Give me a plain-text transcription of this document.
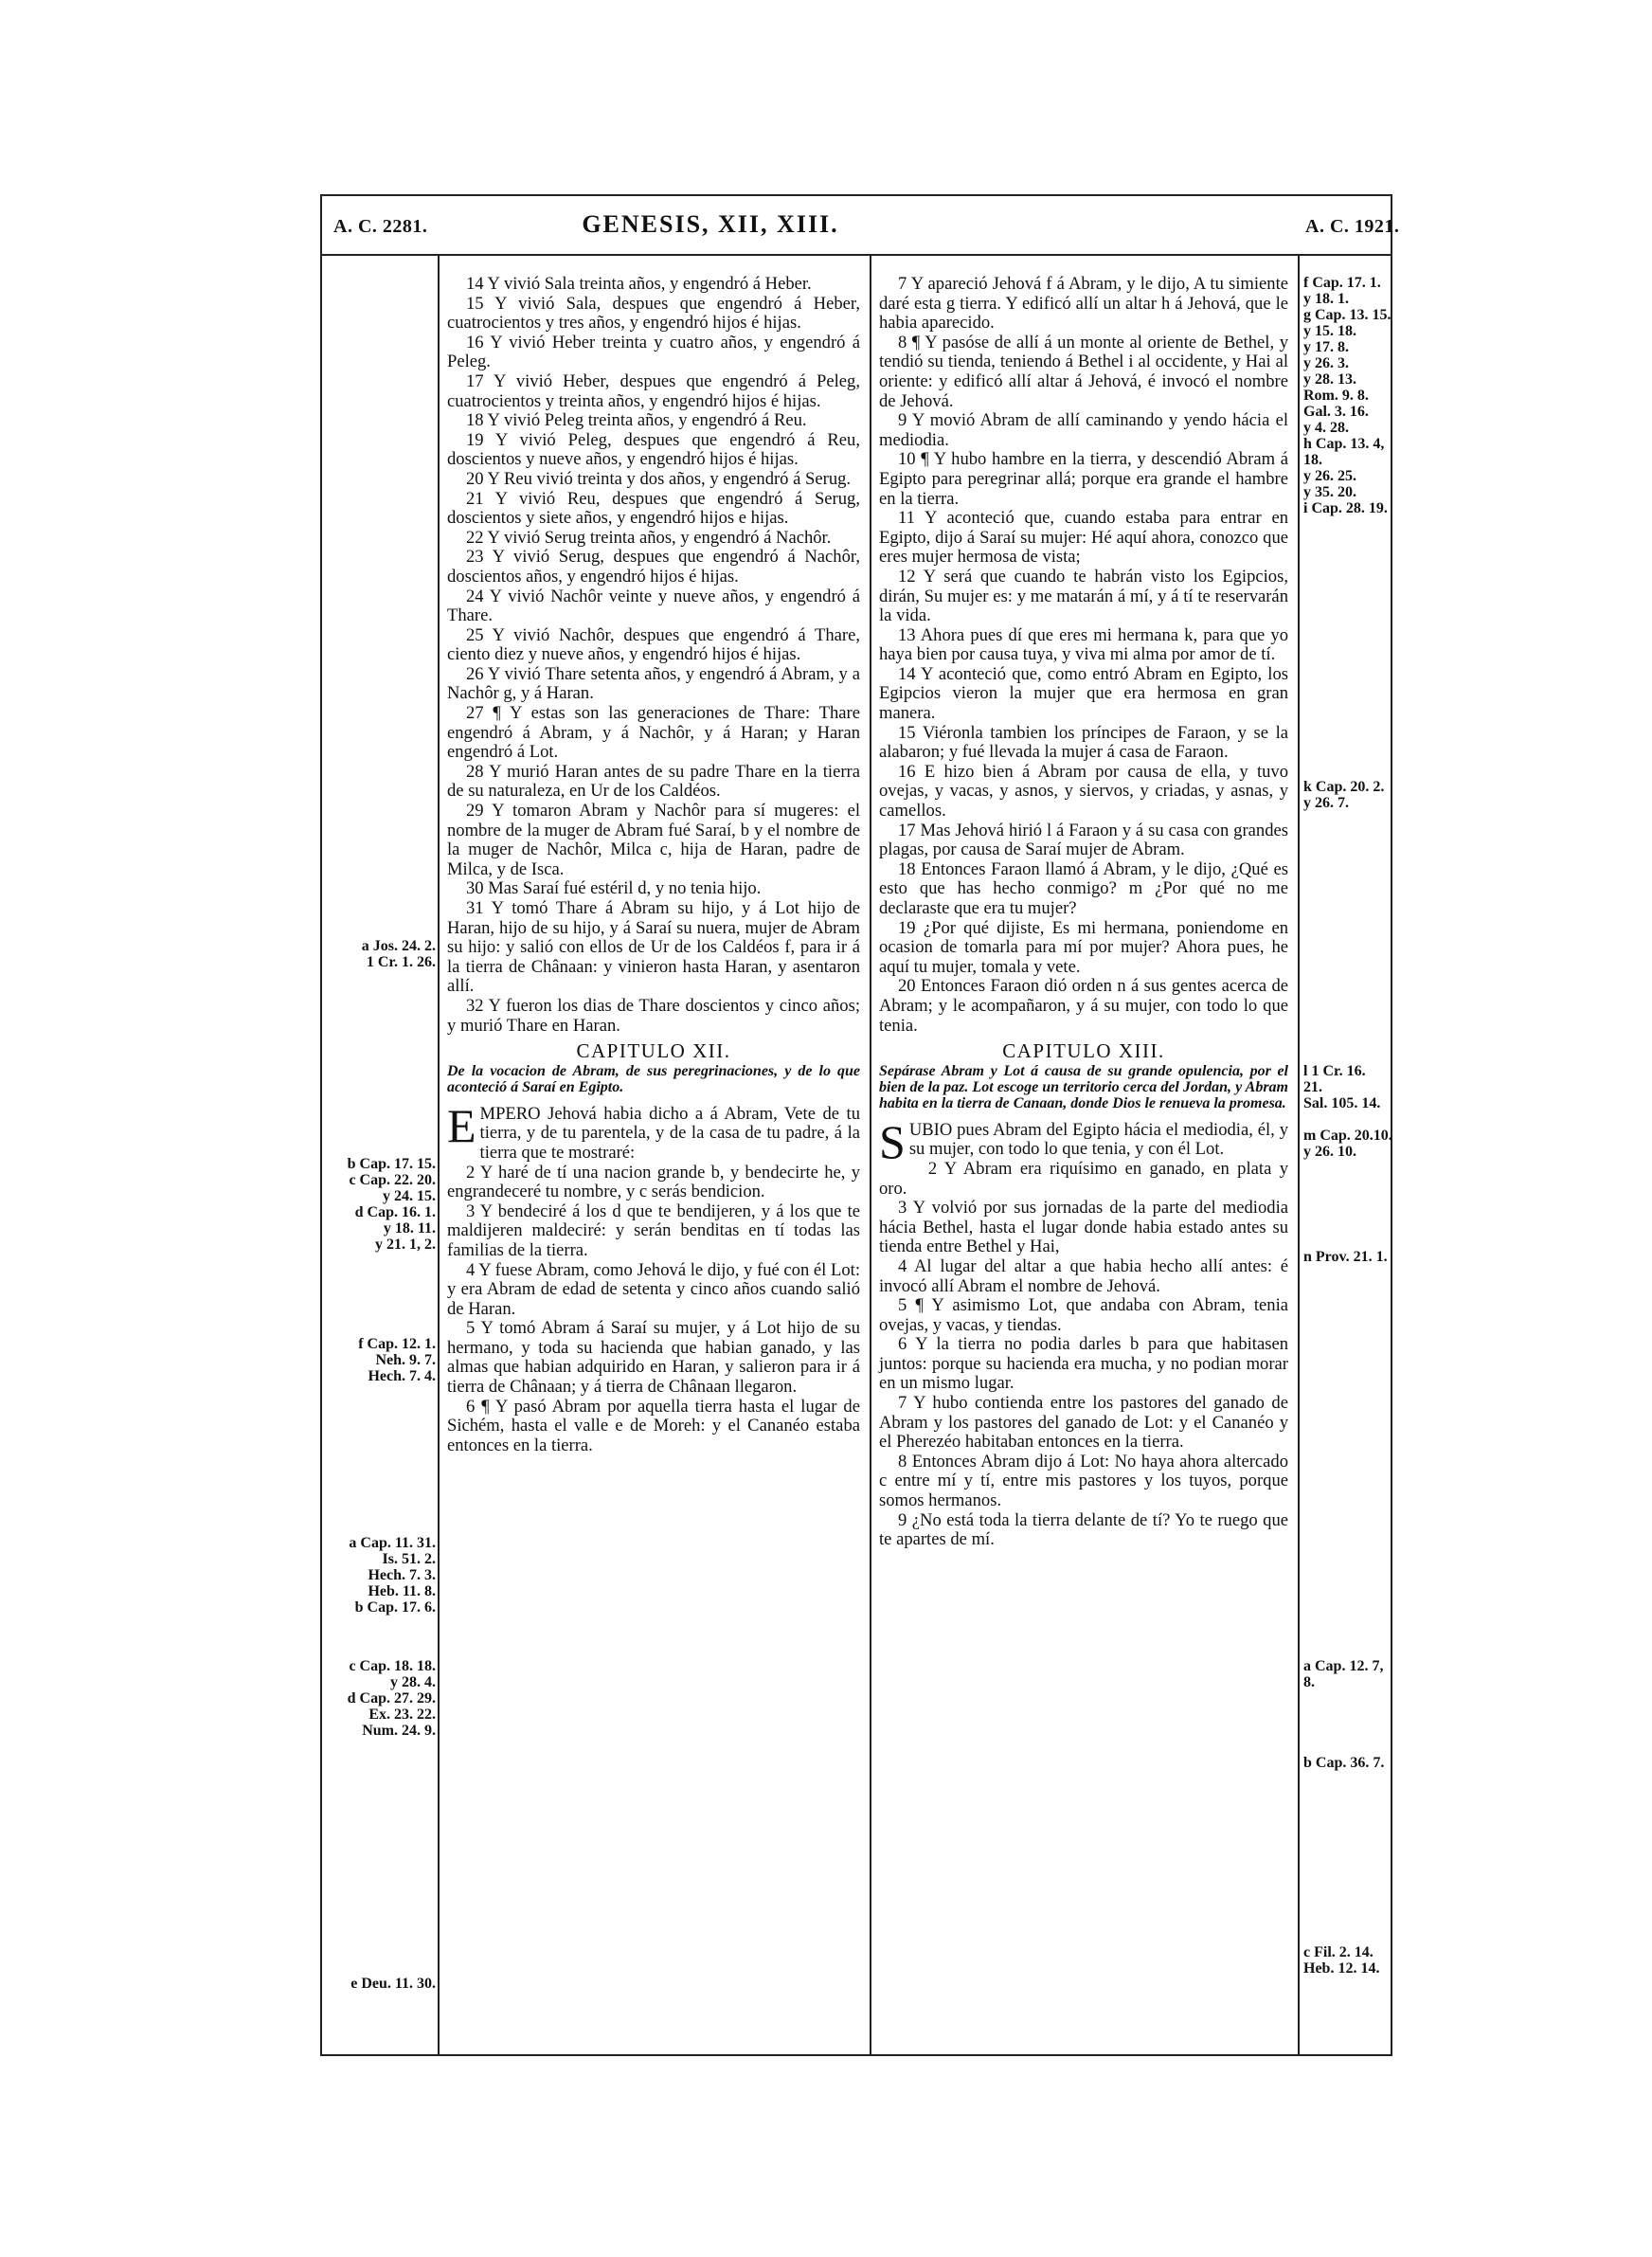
A. C. 2281.	GENESIS, XII, XIII.	A. C. 1921.
a Jos. 24. 2.
1 Cr. 1. 26.
b Cap. 17. 15.
c Cap. 22. 20.
y 24. 15.
d Cap. 16. 1.
y 18. 11.
y 21. 1, 2.
f Cap. 12. 1.
Neh. 9. 7.
Hech. 7. 4.
a Cap. 11. 31.
Is. 51. 2.
Hech. 7. 3.
Heb. 11. 8.
b Cap. 17. 6.
c Cap. 18. 18.
y 28. 4.
d Cap. 27. 29.
Ex. 23. 22.
Num. 24. 9.
e Deu. 11. 30.

14 Y vivió Sala treinta años, y engendró á Heber.

15 Y vivió Sala, despues que engendró á Heber, cuatrocientos y tres años, y engendró hijos é hijas.

16 Y vivió Heber treinta y cuatro años, y engendró á Peleg.

17 Y vivió Heber, despues que engendró á Peleg, cuatrocientos y treinta años, y engendró hijos é hijas.

18 Y vivió Peleg treinta años, y engendró á Reu.

19 Y vivió Peleg, despues que engendró á Reu, doscientos y nueve años, y engendró hijos é hijas.

20 Y Reu vivió treinta y dos años, y engendró á Serug.

21 Y vivió Reu, despues que engendró á Serug, doscientos y siete años, y engendró hijos e hijas.

22 Y vivió Serug treinta años, y engendró á Nachôr.

23 Y vivió Serug, despues que engendró á Nachôr, doscientos años, y engendró hijos é hijas.

24 Y vivió Nachôr veinte y nueve años, y engendró á Thare.

25 Y vivió Nachôr, despues que engendró á Thare, ciento diez y nueve años, y engendró hijos é hijas.

26 Y vivió Thare setenta años, y engendró á Abram, y a Nachôr g, y á Haran.

27 ¶ Y estas son las generaciones de Thare: Thare engendró á Abram, y á Nachôr, y á Haran; y Haran engendró á Lot.

28 Y murió Haran antes de su padre Thare en la tierra de su naturaleza, en Ur de los Caldéos.

29 Y tomaron Abram y Nachôr para sí mugeres: el nombre de la muger de Abram fué Saraí, b y el nombre de la muger de Nachôr, Milca c, hija de Haran, padre de Milca, y de Isca.

30 Mas Saraí fué estéril d, y no tenia hijo.

31 Y tomó Thare á Abram su hijo, y á Lot hijo de Haran, hijo de su hijo, y á Saraí su nuera, mujer de Abram su hijo: y salió con ellos de Ur de los Caldéos f, para ir á la tierra de Chânaan: y vinieron hasta Haran, y asentaron allí.

32 Y fueron los dias de Thare doscientos y cinco años; y murió Thare en Haran.

CAPITULO XII.

De la vocacion de Abram, de sus peregrinaciones, y de lo que aconteció á Saraí en Egipto.

EMPERO Jehová habia dicho a á Abram, Vete de tu tierra, y de tu parentela, y de la casa de tu padre, á la tierra que te mostraré:

2 Y haré de tí una nacion grande b, y bendecirte he, y engrandeceré tu nombre, y c serás bendicion.

3 Y bendeciré á los d que te bendijeren, y á los que te maldijeren maldeciré: y serán benditas en tí todas las familias de la tierra.

4 Y fuese Abram, como Jehová le dijo, y fué con él Lot: y era Abram de edad de setenta y cinco años cuando salió de Haran.

5 Y tomó Abram á Saraí su mujer, y á Lot hijo de su hermano, y toda su hacienda que habian ganado, y las almas que habian adquirido en Haran, y salieron para ir á tierra de Chânaan; y á tierra de Chânaan llegaron.

6 ¶ Y pasó Abram por aquella tierra hasta el lugar de Sichém, hasta el valle e de Moreh: y el Cananéo estaba entonces en la tierra.

7 Y apareció Jehová f á Abram, y le dijo, A tu simiente daré esta g tierra. Y edificó allí un altar h á Jehová, que le habia aparecido.

8 ¶ Y pasóse de allí á un monte al oriente de Bethel, y tendió su tienda, teniendo á Bethel i al occidente, y Hai al oriente: y edificó allí altar á Jehová, é invocó el nombre de Jehová.

9 Y movió Abram de allí caminando y yendo hácia el mediodia.

10 ¶ Y hubo hambre en la tierra, y descendió Abram á Egipto para peregrinar allá; porque era grande el hambre en la tierra.

11 Y aconteció que, cuando estaba para entrar en Egipto, dijo á Saraí su mujer: Hé aquí ahora, conozco que eres mujer hermosa de vista;

12 Y será que cuando te habrán visto los Egipcios, dirán, Su mujer es: y me matarán á mí, y á tí te reservarán la vida.

13 Ahora pues dí que eres mi hermana k, para que yo haya bien por causa tuya, y viva mi alma por amor de tí.

14 Y aconteció que, como entró Abram en Egipto, los Egipcios vieron la mujer que era hermosa en gran manera.

15 Viéronla tambien los príncipes de Faraon, y se la alabaron; y fué llevada la mujer á casa de Faraon.

16 E hizo bien á Abram por causa de ella, y tuvo ovejas, y vacas, y asnos, y siervos, y criadas, y asnas, y camellos.

17 Mas Jehová hirió l á Faraon y á su casa con grandes plagas, por causa de Saraí mujer de Abram.

18 Entonces Faraon llamó á Abram, y le dijo, ¿Qué es esto que has hecho conmigo? m ¿Por qué no me declaraste que era tu mujer?

19 ¿Por qué dijiste, Es mi hermana, poniendome en ocasion de tomarla para mí por mujer? Ahora pues, he aquí tu mujer, tomala y vete.

20 Entonces Faraon dió orden n á sus gentes acerca de Abram; y le acompañaron, y á su mujer, con todo lo que tenia.

CAPITULO XIII.

Sepárase Abram y Lot á causa de su grande opulencia, por el bien de la paz. Lot escoge un territorio cerca del Jordan, y Abram habita en la tierra de Canaan, donde Dios le renueva la promesa.

SUBIO pues Abram del Egipto hácia el mediodia, él, y su mujer, con todo lo que tenia, y con él Lot.

2 Y Abram era riquísimo en ganado, en plata y oro.

3 Y volvió por sus jornadas de la parte del mediodia hácia Bethel, hasta el lugar donde habia estado antes su tienda entre Bethel y Hai,

4 Al lugar del altar a que habia hecho allí antes: é invocó allí Abram el nombre de Jehová.

5 ¶ Y asimismo Lot, que andaba con Abram, tenia ovejas, y vacas, y tiendas.

6 Y la tierra no podia darles b para que habitasen juntos: porque su hacienda era mucha, y no podian morar en un mismo lugar.

7 Y hubo contienda entre los pastores del ganado de Abram y los pastores del ganado de Lot: y el Cananéo y el Pherezéo habitaban entonces en la tierra.

8 Entonces Abram dijo á Lot: No haya ahora altercado c entre mí y tí, entre mis pastores y los tuyos, porque somos hermanos.

9 ¿No está toda la tierra delante de tí? Yo te ruego que te apartes de mí.

f Cap. 17. 1.
y 18. 1.
g Cap. 13. 15.
y 15. 18.
y 17. 8.
y 26. 3.
y 28. 13.
Rom. 9. 8.
Gal. 3. 16.
y 4. 28.
h Cap. 13. 4,
18.
y 26. 25.
y 35. 20.
i Cap. 28. 19.
k Cap. 20. 2.
y 26. 7.
l 1 Cr. 16.
21.
Sal. 105. 14.
m Cap. 20.10.
y 26. 10.
n Prov. 21. 1.
a Cap. 12. 7,
8.
b Cap. 36. 7.
c Fil. 2. 14.
Heb. 12. 14.
